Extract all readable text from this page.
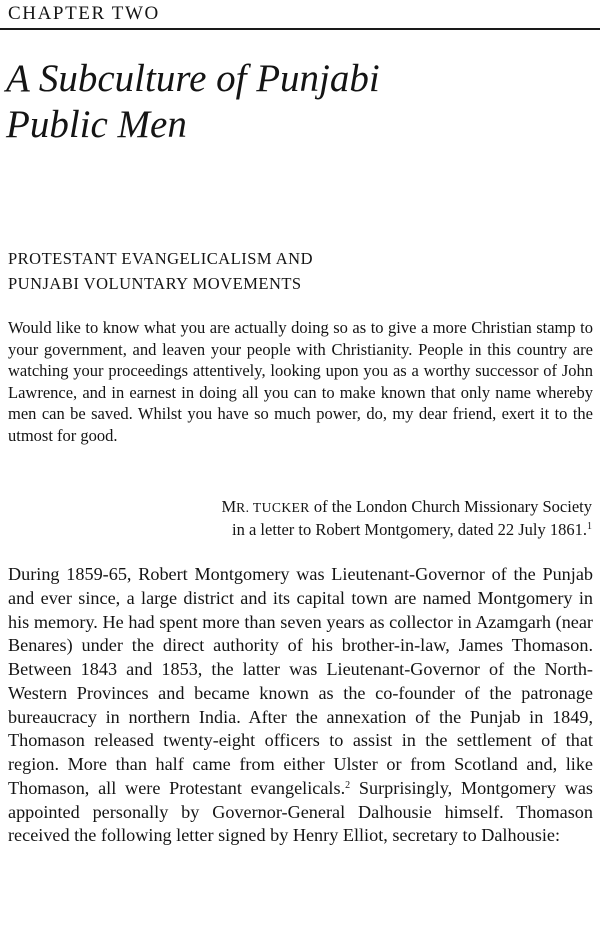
CHAPTER TWO
A Subculture of Punjabi
Public Men
PROTESTANT EVANGELICALISM AND
PUNJABI VOLUNTARY MOVEMENTS
Would like to know what you are actually doing so as to give a more Christian stamp to your government, and leaven your people with Christianity. People in this country are watching your proceedings attentively, looking upon you as a worthy successor of John Lawrence, and in earnest in doing all you can to make known that only name whereby men can be saved. Whilst you have so much power, do, my dear friend, exert it to the utmost for good.
MR. TUCKER of the London Church Missionary Society
in a letter to Robert Montgomery, dated 22 July 1861.$^1$
During 1859-65, Robert Montgomery was Lieutenant-Governor of the Punjab and ever since, a large district and its capital town are named Montgomery in his memory. He had spent more than seven years as collector in Azamgarh (near Benares) under the direct authority of his brother-in-law, James Thomason. Between 1843 and 1853, the latter was Lieutenant-Governor of the North-Western Provinces and became known as the co-founder of the patronage bureaucracy in northern India. After the annexation of the Punjab in 1849, Thomason released twenty-eight officers to assist in the settlement of that region. More than half came from either Ulster or from Scotland and, like Thomason, all were Protestant evangelicals.$^2$ Surprisingly, Montgomery was appointed personally by Governor-General Dalhousie himself. Thomason received the following letter signed by Henry Elliot, secretary to Dalhousie:
